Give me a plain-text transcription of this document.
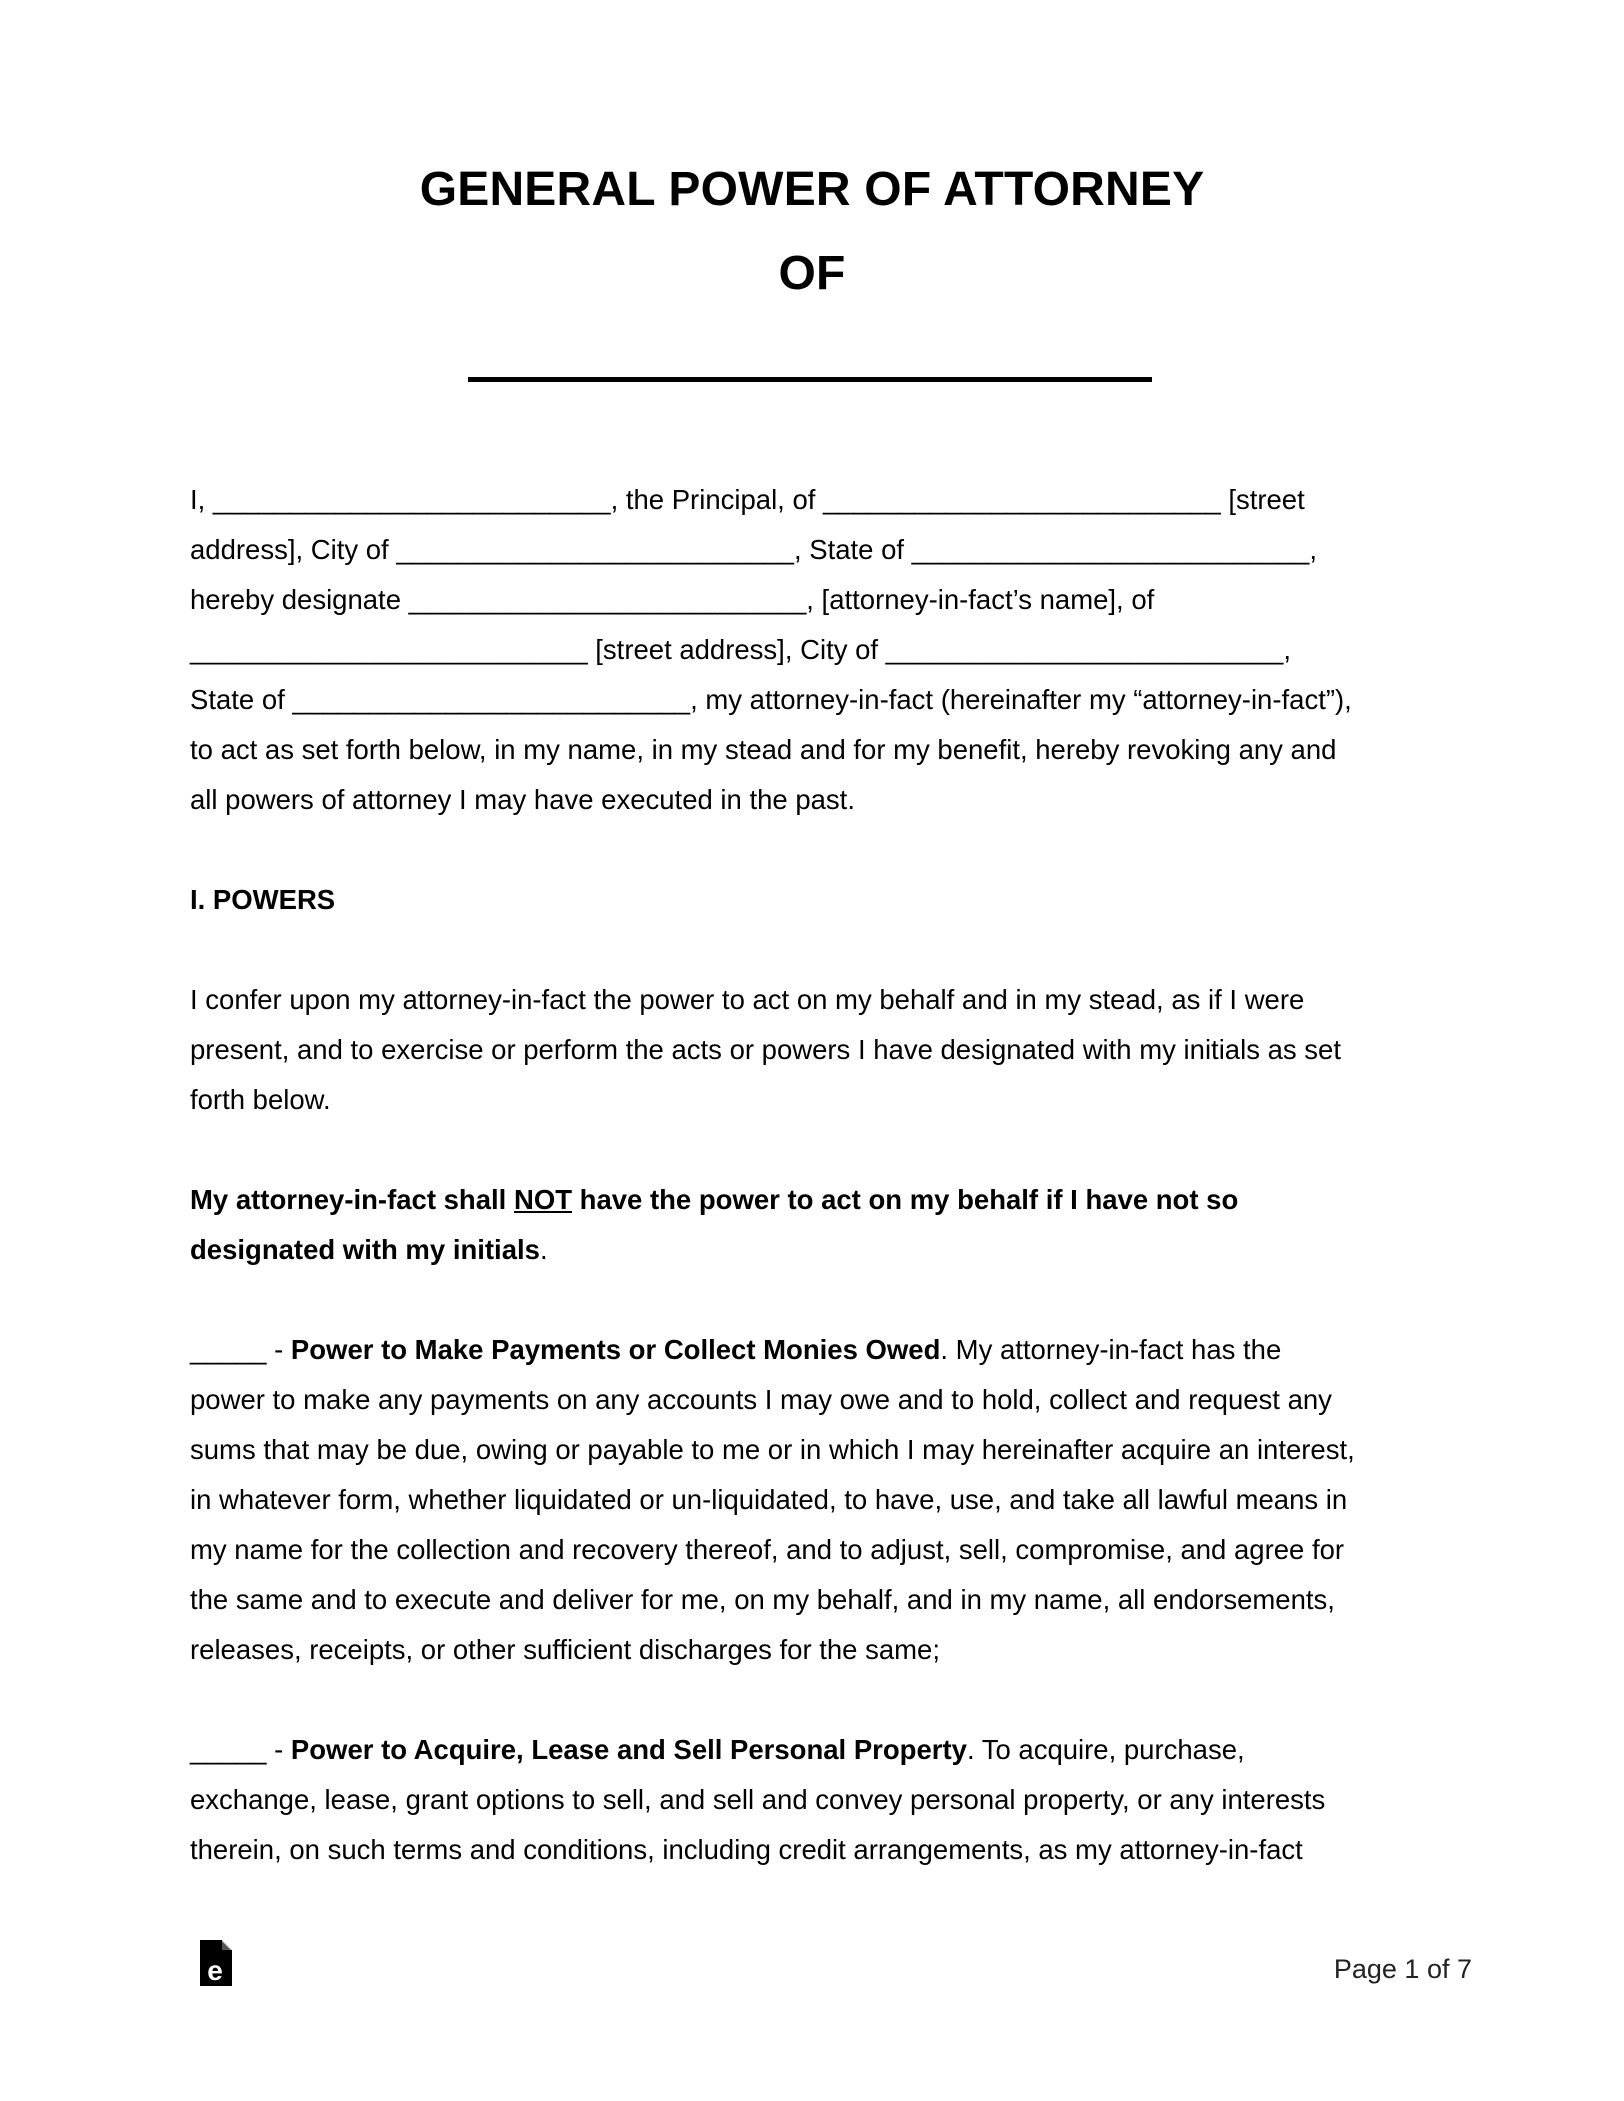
GENERAL POWER OF ATTORNEY
OF
I, __________________________, the Principal, of __________________________ [street
address], City of __________________________, State of __________________________,
hereby designate __________________________, [attorney-in-fact’s name], of
__________________________ [street address], City of __________________________,
State of __________________________, my attorney-in-fact (hereinafter my “attorney-in-fact”),
to act as set forth below, in my name, in my stead and for my benefit, hereby revoking any and
all powers of attorney I may have executed in the past.
I. POWERS
I confer upon my attorney-in-fact the power to act on my behalf and in my stead, as if I were
present, and to exercise or perform the acts or powers I have designated with my initials as set
forth below.
My attorney-in-fact shall NOT have the power to act on my behalf if I have not so
designated with my initials.
_____ - Power to Make Payments or Collect Monies Owed. My attorney-in-fact has the
power to make any payments on any accounts I may owe and to hold, collect and request any
sums that may be due, owing or payable to me or in which I may hereinafter acquire an interest,
in whatever form, whether liquidated or un-liquidated, to have, use, and take all lawful means in
my name for the collection and recovery thereof, and to adjust, sell, compromise, and agree for
the same and to execute and deliver for me, on my behalf, and in my name, all endorsements,
releases, receipts, or other sufficient discharges for the same;
_____ - Power to Acquire, Lease and Sell Personal Property. To acquire, purchase,
exchange, lease, grant options to sell, and sell and convey personal property, or any interests
therein, on such terms and conditions, including credit arrangements, as my attorney-in-fact
e	Page 1 of 7
